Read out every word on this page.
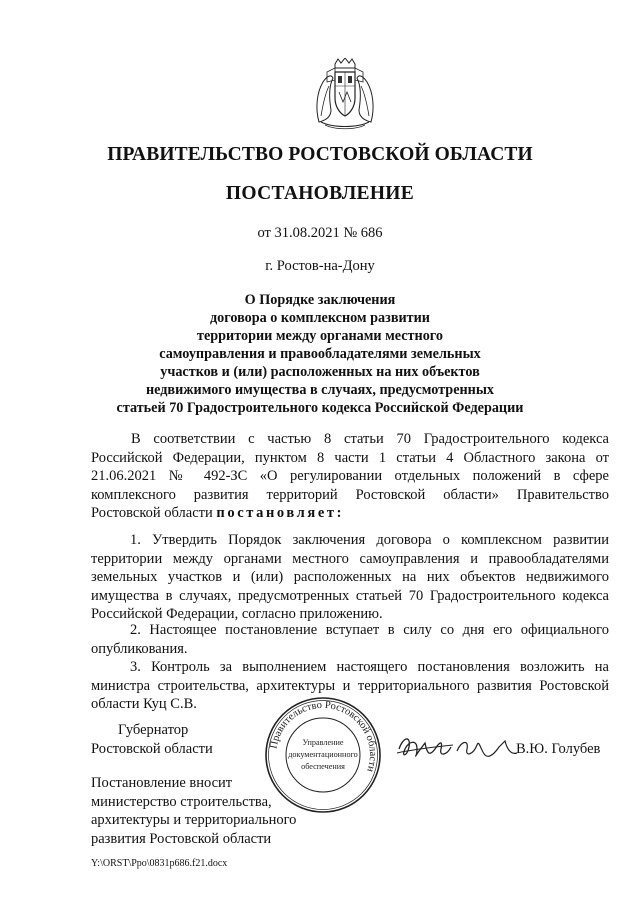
ПРАВИТЕЛЬСТВО РОСТОВСКОЙ ОБЛАСТИ
ПОСТАНОВЛЕНИЕ
от 31.08.2021 № 686
г. Ростов-на-Дону
О Порядке заключения
договора о комплексном развитии
территории между органами местного
самоуправления и правообладателями земельных
участков и (или) расположенных на них объектов
недвижимого имущества в случаях, предусмотренных
статьей 70 Градостроительного кодекса Российской Федерации
В соответствии с частью 8 статьи 70 Градостроительного кодекса Российской Федерации, пунктом 8 части 1 статьи 4 Областного закона от 21.06.2021 № 492-ЗС «О регулировании отдельных положений в сфере комплексного развития территорий Ростовской области» Правительство Ростовской области постановляет:
1. Утвердить Порядок заключения договора о комплексном развитии территории между органами местного самоуправления и правообладателями земельных участков и (или) расположенных на них объектов недвижимого имущества в случаях, предусмотренных статьей 70 Градостроительного кодекса Российской Федерации, согласно приложению.
2. Настоящее постановление вступает в силу со дня его официального опубликования.
3. Контроль за выполнением настоящего постановления возложить на министра строительства, архитектуры и территориального развития Ростовской области Куц С.В.
Губернатор
Ростовской области	В.Ю. Голубев
Правительство Ростовской области
Управление
документационного
обеспечения
Постановление вносит
министерство строительства,
архитектуры и территориального
развития Ростовской области
Y:\ORST\Ppo\0831p686.f21.docx
